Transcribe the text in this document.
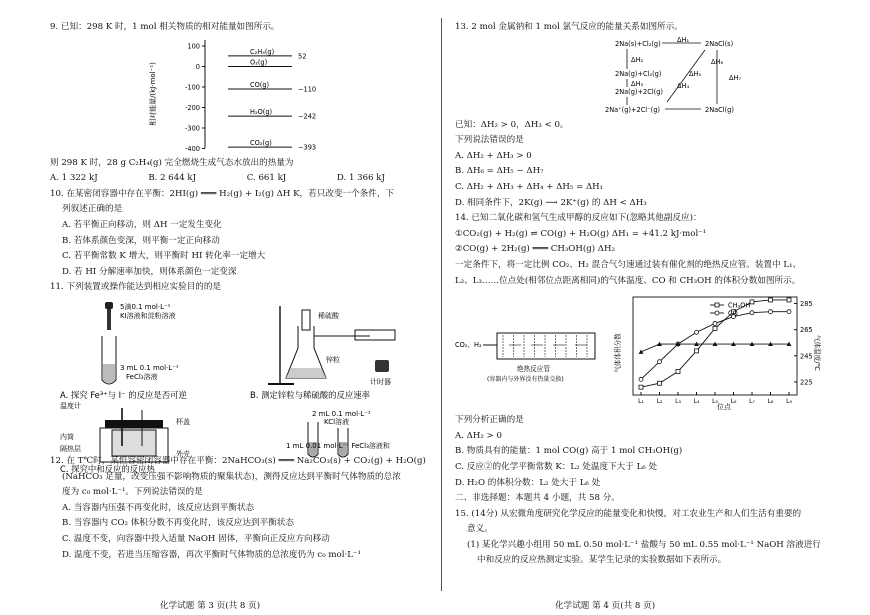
9. 已知：298 K 时，1 mol 相关物质的相对能量如图所示。
相对能量/(kJ·mol⁻¹)
100
0
-100
-200
-300
-400
C₂H₄(g)
52
O₂(g)
CO(g)
−110
H₂O(g)
−242
CO₂(g)
−393
则 298 K 时，28 g C₂H₄(g) 完全燃烧生成气态水放出的热量为
A. 1 322 kJ	B. 2 644 kJ	C. 661 kJ	D. 1 366 kJ
10. 在某密闭容器中存在平衡：2HI(g) ═══ H₂(g) + I₂(g) ΔH K，若只改变一个条件，下
列叙述正确的是
A. 若平衡正向移动，则 ΔH 一定发生变化
B. 若体系颜色变深，则平衡一定正向移动
C. 若平衡常数 K 增大，则平衡时 HI 转化率一定增大
D. 若 HI 分解速率加快，则体系颜色一定变深
11. 下列装置或操作能达到相应实验目的的是
5滴0.1 mol·L⁻¹
KI溶液和淀粉溶液
3 mL 0.1 mol·L⁻¹
FeCl₃溶液
A. 探究 Fe³⁺与 I⁻ 的反应是否可逆
稀硫酸
锌粒
计时器
B. 测定锌粒与稀硫酸的反应速率
温度计
内筒
隔热层
杯盖
外壳
C. 探究中和反应的反应热
2 mL 0.1 mol·L⁻¹
KCl溶液
1 mL 0.01 mol·L⁻¹ FeCl₃溶液和
12. 在 T℃时，某恒容密闭容器中存在平衡：2NaHCO₃(s) ═══ Na₂CO₃(s) + CO₂(g) + H₂O(g)
(NaHCO₃ 足量，改变压强不影响物质的聚集状态)，测得反应达到平衡时气体物质的总浓
度为 c₀ mol·L⁻¹。下列说法错误的是
A. 当容器内压强不再变化时，该反应达到平衡状态
B. 当容器内 CO₂ 体积分数不再变化时，该反应达到平衡状态
C. 温度不变，向容器中投入适量 NaOH 固体，平衡向正反应方向移动
D. 温度不变，若进当压缩容器，再次平衡时气体物质的总浓度仍为 c₀ mol·L⁻¹
13. 2 mol 金属钠和 1 mol 氯气反应的能量关系如图所示。
2Na(s)+Cl₂(g)	2NaCl(s)
2Na(g)+Cl₂(g)
2Na(g)+2Cl(g)
2Na⁺(g)+2Cl⁻(g)	2NaCl(g)
ΔH₁
ΔH₂
ΔH₃	ΔH₄
ΔH₅
ΔH₆
ΔH₇
已知：ΔH₂ > 0，ΔH₃ < 0。
下列说法错误的是
A. ΔH₂ + ΔH₃ > 0
B. ΔH₆ = ΔH₅ − ΔH₇
C. ΔH₂ + ΔH₃ + ΔH₄ + ΔH₅ = ΔH₁
D. 相同条件下，2K(g) ⟶ 2K⁺(g) 的 ΔH < ΔH₃
14. 已知二氧化碳和氢气生成甲醇的反应如下(忽略其他副反应)：
①CO₂(g) + H₂(g) ⇌ CO(g) + H₂O(g) ΔH₁ = +41.2 kJ·mol⁻¹
②CO(g) + 2H₂(g) ═══ CH₃OH(g) ΔH₂
一定条件下，将一定比例 CO₂、H₂ 混合气匀速通过装有催化剂的绝热反应管。装置中 L₁、
L₂、L₃……位点处(相邻位点距离相同)的气体温度、CO 和 CH₃OH 的体积分数如图所示。
CO₂、H₂
绝热反应管
(容器内与外界没有热量交换)
气体体积分数	气体温度/℃
位点
225
245
265
285
L₁ L₂ L₃ L₄ L₅ L₆ L₇ L₈ L₉
CH₃OH
CO
下列分析正确的是
A. ΔH₂ > 0
B. 物质具有的能量：1 mol CO(g) 高于 1 mol CH₃OH(g)
C. 反应②的化学平衡常数 K：L₂ 处温度下大于 L₆ 处
D. H₂O 的体积分数：L₂ 处大于 L₆ 处
二、非选择题：本题共 4 小题，共 58 分。
15. (14分) 从宏微角度研究化学反应的能量变化和快慢，对工农业生产和人们生活有重要的
意义。
(1) 某化学兴趣小组用 50 mL 0.50 mol·L⁻¹ 盐酸与 50 mL 0.55 mol·L⁻¹ NaOH 溶液进行
中和反应的反应热测定实验。某学生记录的实验数据如下表所示。
化学试题 第 3 页(共 8 页)	化学试题 第 4 页(共 8 页)
